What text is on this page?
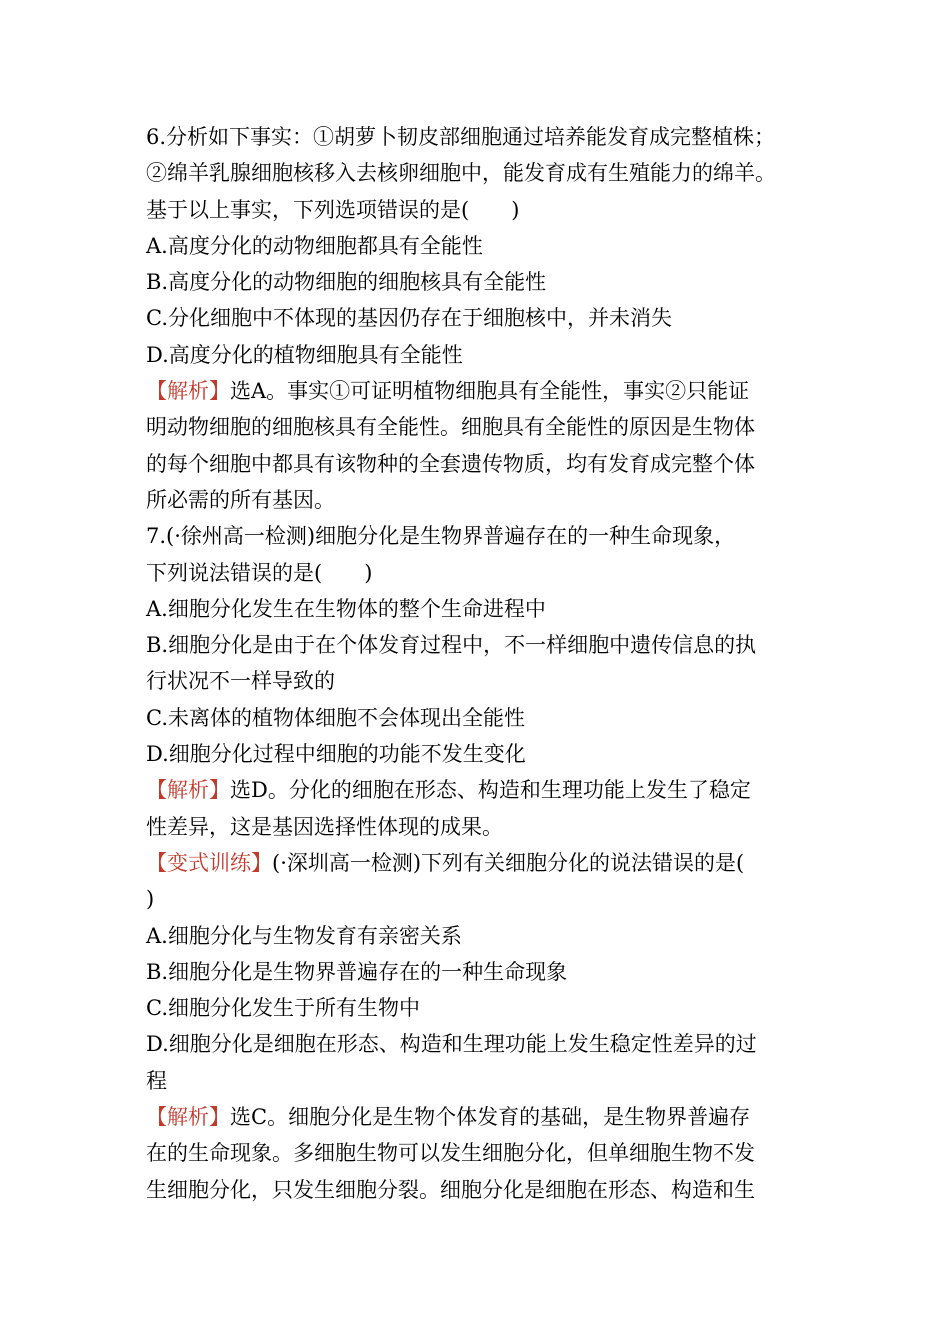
6.分析如下事实：①胡萝卜韧皮部细胞通过培养能发育成完整植株；
②绵羊乳腺细胞核移入去核卵细胞中，能发育成有生殖能力的绵羊。
基于以上事实，下列选项错误的是(　　)
A.高度分化的动物细胞都具有全能性
B.高度分化的动物细胞的细胞核具有全能性
C.分化细胞中不体现的基因仍存在于细胞核中，并未消失
D.高度分化的植物细胞具有全能性
【解析】选A。事实①可证明植物细胞具有全能性，事实②只能证
明动物细胞的细胞核具有全能性。细胞具有全能性的原因是生物体
的每个细胞中都具有该物种的全套遗传物质，均有发育成完整个体
所必需的所有基因。
7.(·徐州高一检测)细胞分化是生物界普遍存在的一种生命现象，
下列说法错误的是(　　)
A.细胞分化发生在生物体的整个生命进程中
B.细胞分化是由于在个体发育过程中，不一样细胞中遗传信息的执
行状况不一样导致的
C.未离体的植物体细胞不会体现出全能性
D.细胞分化过程中细胞的功能不发生变化
【解析】选D。分化的细胞在形态、构造和生理功能上发生了稳定
性差异，这是基因选择性体现的成果。
【变式训练】(·深圳高一检测)下列有关细胞分化的说法错误的是(
)
A.细胞分化与生物发育有亲密关系
B.细胞分化是生物界普遍存在的一种生命现象
C.细胞分化发生于所有生物中
D.细胞分化是细胞在形态、构造和生理功能上发生稳定性差异的过
程
【解析】选C。细胞分化是生物个体发育的基础，是生物界普遍存
在的生命现象。多细胞生物可以发生细胞分化，但单细胞生物不发
生细胞分化，只发生细胞分裂。细胞分化是细胞在形态、构造和生
